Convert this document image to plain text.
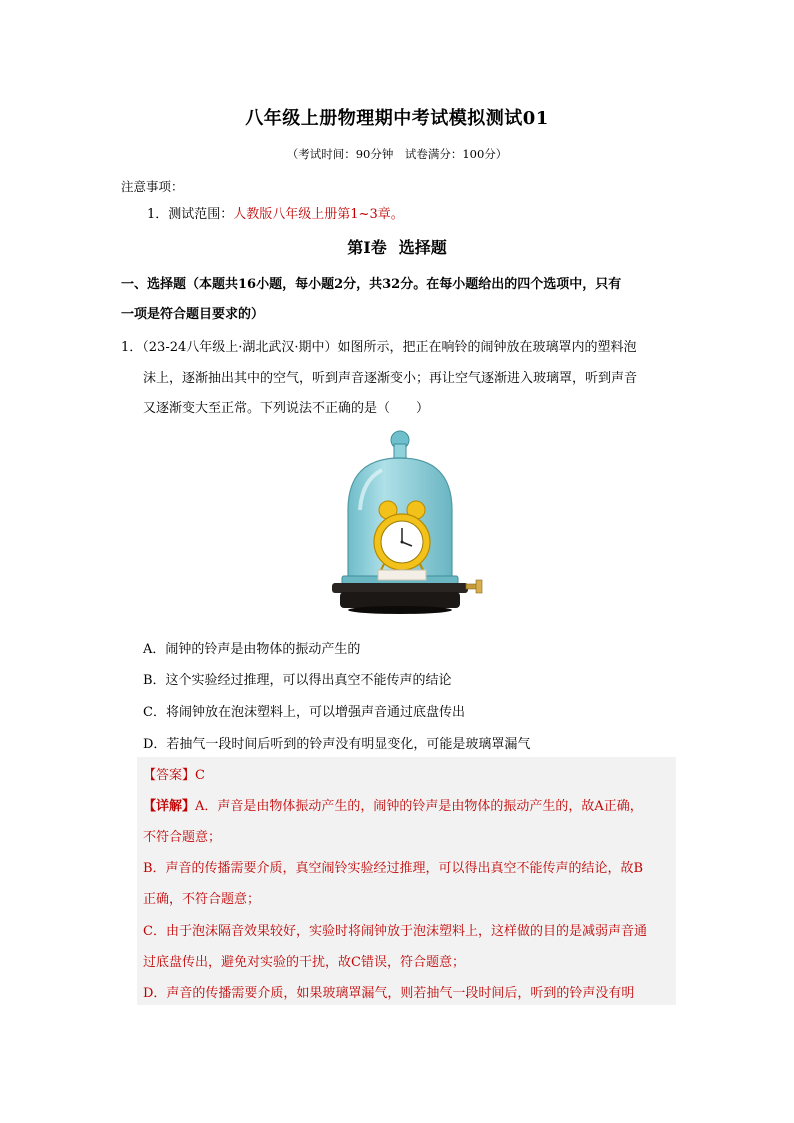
八年级上册物理期中考试模拟测试01
（考试时间：90分钟　试卷满分：100分）
注意事项：
1．测试范围：人教版八年级上册第1~3章。
第Ⅰ卷 选择题
一、选择题（本题共16小题，每小题2分，共32分。在每小题给出的四个选项中，只有
一项是符合题目要求的）
1．（23-24八年级上·湖北武汉·期中）如图所示，把正在响铃的闹钟放在玻璃罩内的塑料泡
沫上，逐渐抽出其中的空气，听到声音逐渐变小；再让空气逐渐进入玻璃罩，听到声音
又逐渐变大至正常。下列说法不正确的是（　　）
A．闹钟的铃声是由物体的振动产生的
B．这个实验经过推理，可以得出真空不能传声的结论
C．将闹钟放在泡沫塑料上，可以增强声音通过底盘传出
D．若抽气一段时间后听到的铃声没有明显变化，可能是玻璃罩漏气
【答案】C
【详解】A．声音是由物体振动产生的，闹钟的铃声是由物体的振动产生的，故A正确，
不符合题意；
B．声音的传播需要介质，真空闹铃实验经过推理，可以得出真空不能传声的结论，故B
正确，不符合题意；
C．由于泡沫隔音效果较好，实验时将闹钟放于泡沫塑料上，这样做的目的是减弱声音通
过底盘传出，避免对实验的干扰，故C错误，符合题意；
D．声音的传播需要介质，如果玻璃罩漏气，则若抽气一段时间后，听到的铃声没有明
